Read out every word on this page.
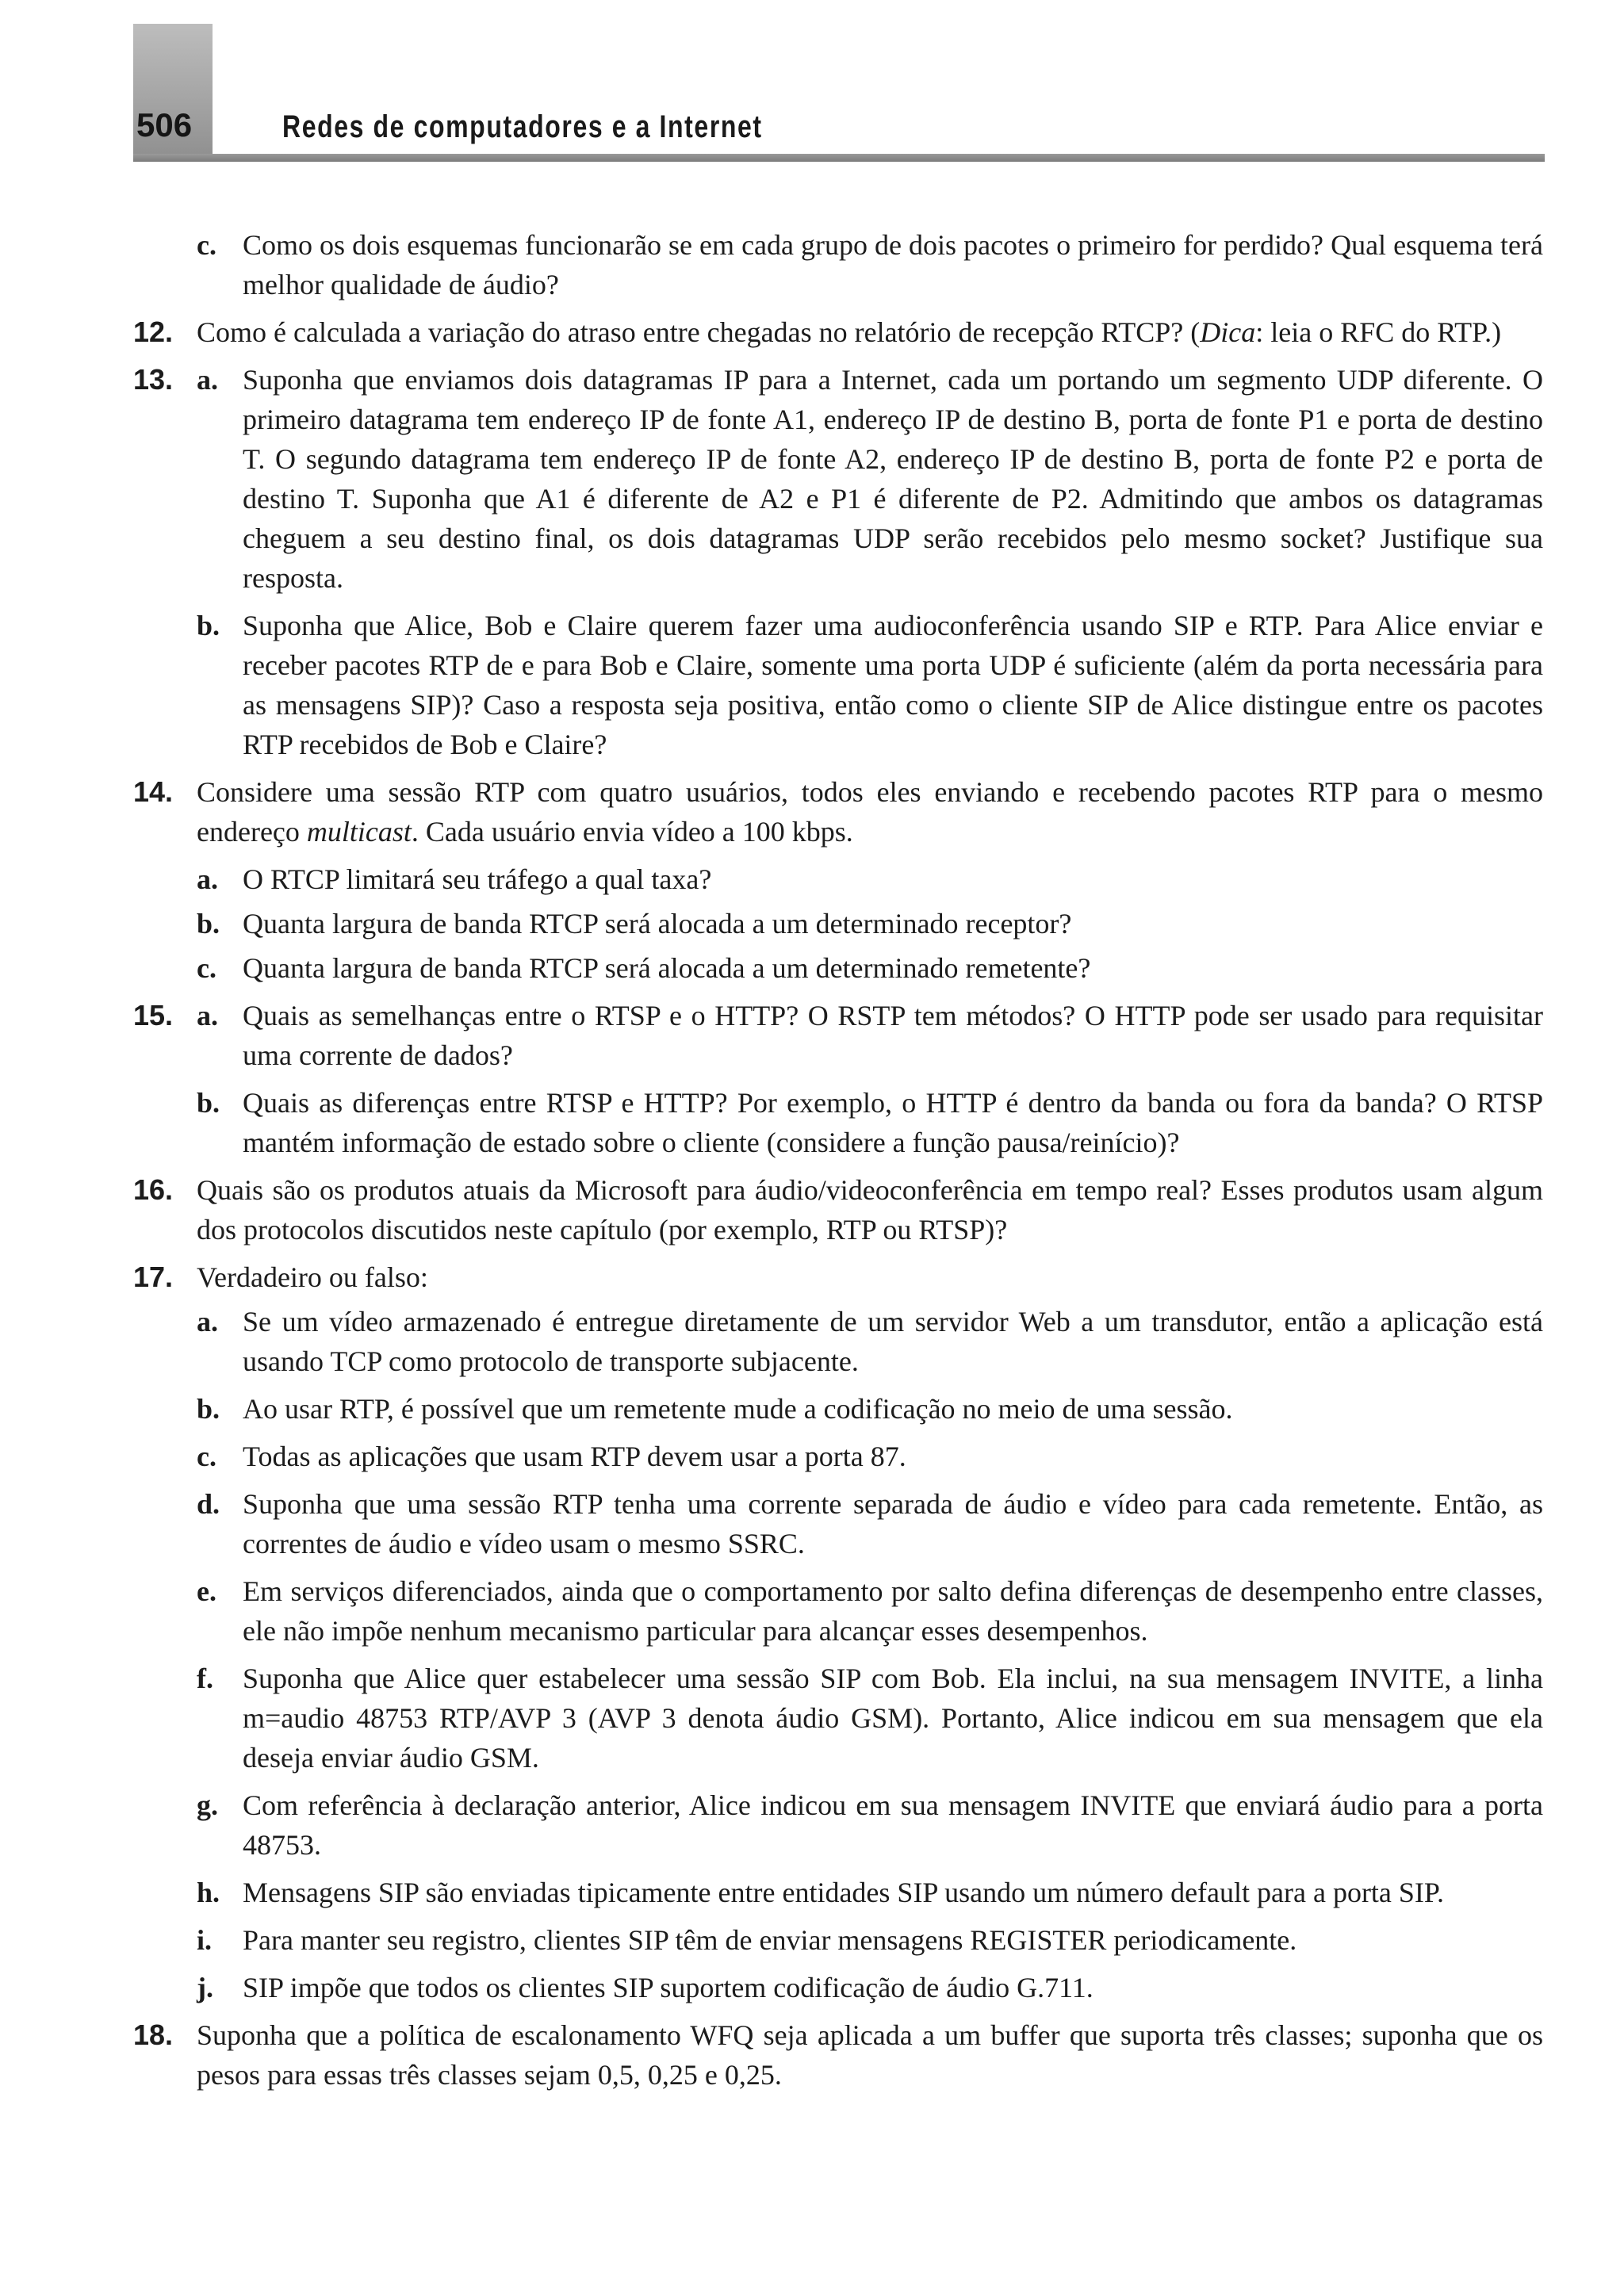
506	Redes de computadores e a Internet
c. Como os dois esquemas funcionarão se em cada grupo de dois pacotes o primeiro for perdido? Qual esquema terá melhor qualidade de áudio?
12. Como é calculada a variação do atraso entre chegadas no relatório de recepção RTCP? (Dica: leia o RFC do RTP.)
13. a. Suponha que enviamos dois datagramas IP para a Internet, cada um portando um segmento UDP diferente. O primeiro datagrama tem endereço IP de fonte A1, endereço IP de destino B, porta de fonte P1 e porta de destino T. O segundo datagrama tem endereço IP de fonte A2, endereço IP de destino B, porta de fonte P2 e porta de destino T. Suponha que A1 é diferente de A2 e P1 é diferente de P2. Admitindo que ambos os datagramas cheguem a seu destino final, os dois datagramas UDP serão recebidos pelo mesmo socket? Justifique sua resposta.
b. Suponha que Alice, Bob e Claire querem fazer uma audioconferência usando SIP e RTP. Para Alice enviar e receber pacotes RTP de e para Bob e Claire, somente uma porta UDP é suficiente (além da porta necessária para as mensagens SIP)? Caso a resposta seja positiva, então como o cliente SIP de Alice distingue entre os pacotes RTP recebidos de Bob e Claire?
14. Considere uma sessão RTP com quatro usuários, todos eles enviando e recebendo pacotes RTP para o mesmo endereço multicast. Cada usuário envia vídeo a 100 kbps.
a. O RTCP limitará seu tráfego a qual taxa?
b. Quanta largura de banda RTCP será alocada a um determinado receptor?
c. Quanta largura de banda RTCP será alocada a um determinado remetente?
15. a. Quais as semelhanças entre o RTSP e o HTTP? O RSTP tem métodos? O HTTP pode ser usado para requisitar uma corrente de dados?
b. Quais as diferenças entre RTSP e HTTP? Por exemplo, o HTTP é dentro da banda ou fora da banda? O RTSP mantém informação de estado sobre o cliente (considere a função pausa/reinício)?
16. Quais são os produtos atuais da Microsoft para áudio/videoconferência em tempo real? Esses produtos usam algum dos protocolos discutidos neste capítulo (por exemplo, RTP ou RTSP)?
17. Verdadeiro ou falso:
a. Se um vídeo armazenado é entregue diretamente de um servidor Web a um transdutor, então a aplicação está usando TCP como protocolo de transporte subjacente.
b. Ao usar RTP, é possível que um remetente mude a codificação no meio de uma sessão.
c. Todas as aplicações que usam RTP devem usar a porta 87.
d. Suponha que uma sessão RTP tenha uma corrente separada de áudio e vídeo para cada remetente. Então, as correntes de áudio e vídeo usam o mesmo SSRC.
e. Em serviços diferenciados, ainda que o comportamento por salto defina diferenças de desempenho entre classes, ele não impõe nenhum mecanismo particular para alcançar esses desempenhos.
f. Suponha que Alice quer estabelecer uma sessão SIP com Bob. Ela inclui, na sua mensagem INVITE, a linha m=audio 48753 RTP/AVP 3 (AVP 3 denota áudio GSM). Portanto, Alice indicou em sua mensagem que ela deseja enviar áudio GSM.
g. Com referência à declaração anterior, Alice indicou em sua mensagem INVITE que enviará áudio para a porta 48753.
h. Mensagens SIP são enviadas tipicamente entre entidades SIP usando um número default para a porta SIP.
i. Para manter seu registro, clientes SIP têm de enviar mensagens REGISTER periodicamente.
j. SIP impõe que todos os clientes SIP suportem codificação de áudio G.711.
18. Suponha que a política de escalonamento WFQ seja aplicada a um buffer que suporta três classes; suponha que os pesos para essas três classes sejam 0,5, 0,25 e 0,25.
